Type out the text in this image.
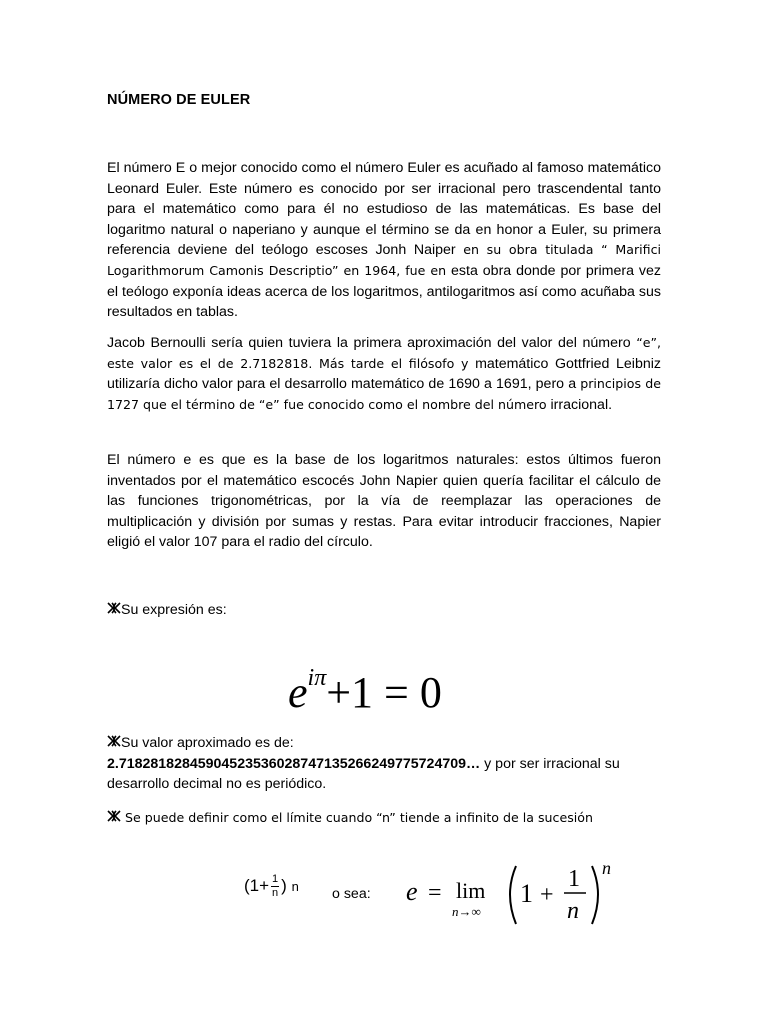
NÚMERO DE EULER
El número E o mejor conocido como el número Euler es acuñado al famoso matemático Leonard Euler. Este número es conocido por ser irracional pero trascendental tanto para el matemático como para él no estudioso de las matemáticas. Es base del logaritmo natural o naperiano y aunque el término se da en honor a Euler, su primera referencia deviene del teólogo escoses Jonh Naiper en su obra titulada “ Marifici Logarithmorum Camonis Descriptio” en 1964, fue en esta obra donde por primera vez el teólogo exponía ideas acerca de los logaritmos, antilogaritmos así como acuñaba sus resultados en tablas.
Jacob Bernoulli sería quien tuviera la primera aproximación del valor del número “e”, este valor es el de 2.7182818. Más tarde el filósofo y matemático Gottfried Leibniz utilizaría dicho valor para el desarrollo matemático de 1690 a 1691, pero a principios de 1727 que el término de “e” fue conocido como el nombre del número irracional.
El número e es que es la base de los logaritmos naturales: estos últimos fueron inventados por el matemático escocés John Napier quien quería facilitar el cálculo de las funciones trigonométricas, por la vía de reemplazar las operaciones de multiplicación y división por sumas y restas. Para evitar introducir fracciones, Napier eligió el valor 107 para el radio del círculo.
Su expresión es:
$e^{i\pi}+1 = 0$
Su valor aproximado es de:
2.71828182845904523536028747135266249775724709… y por ser irracional su desarrollo decimal no es periódico.
Se puede definir como el límite cuando “n” tiende a infinito de la sucesión
($1+ \frac{1}{n}$ ) n o sea: e = lim
n→∞
1 +
1
n
n
